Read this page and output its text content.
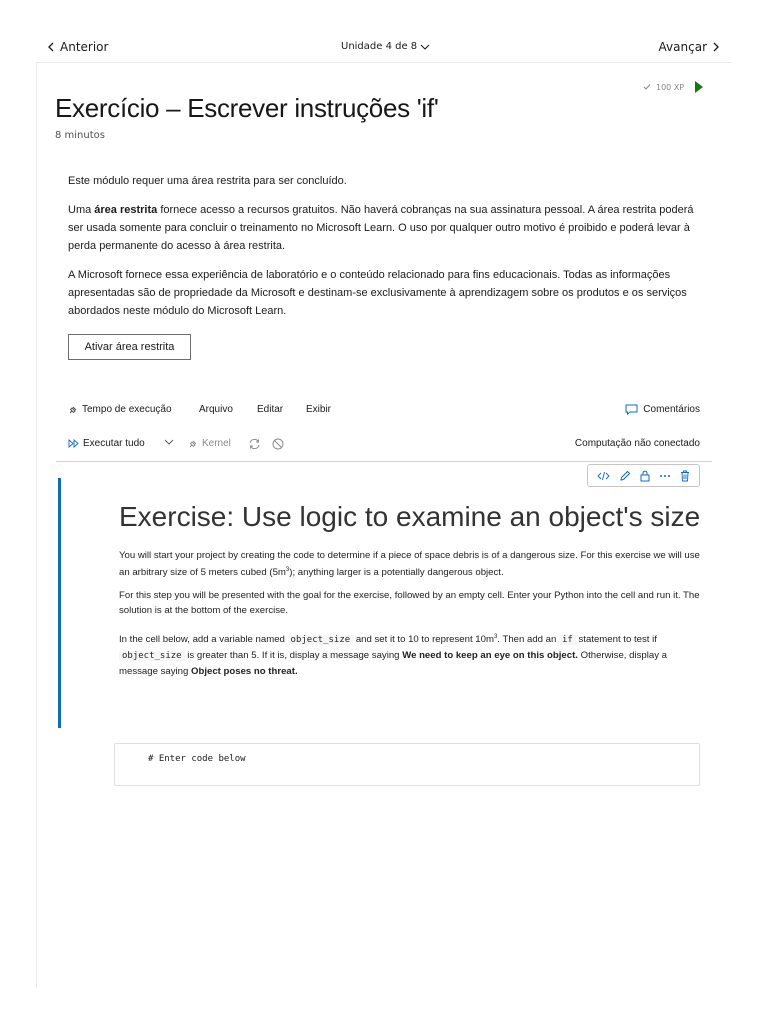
Anterior	Unidade 4 de 8	Avançar
100 XP
Exercício – Escrever instruções 'if'
8 minutos

Este módulo requer uma área restrita para ser concluído.

Uma área restrita fornece acesso a recursos gratuitos. Não haverá cobranças na sua assinatura pessoal. A área restrita poderá ser usada somente para concluir o treinamento no Microsoft Learn. O uso por qualquer outro motivo é proibido e poderá levar à perda permanente do acesso à área restrita.

A Microsoft fornece essa experiência de laboratório e o conteúdo relacionado para fins educacionais. Todas as informações apresentadas são de propriedade da Microsoft e destinam-se exclusivamente à aprendizagem sobre os produtos e os serviços abordados neste módulo do Microsoft Learn.

Ativar área restrita
Tempo de execução	Arquivo Editar Exibir	Comentários
Executar tudo	Kernel	Computação não conectado
Exercise: Use logic to examine an object's size

You will start your project by creating the code to determine if a piece of space debris is of a dangerous size. For this exercise we will use an arbitrary size of 5 meters cubed $(5m^3)$; anything larger is a potentially dangerous object.

For this step you will be presented with the goal for the exercise, followed by an empty cell. Enter your Python into the cell and run it. The solution is at the bottom of the exercise.

In the cell below, add a variable named object_size and set it to 10 to represent $10m^3$. Then add an if statement to test if object_size is greater than 5. If it is, display a message saying We need to keep an eye on this object. Otherwise, display a message saying Object poses no threat.

# Enter code below
